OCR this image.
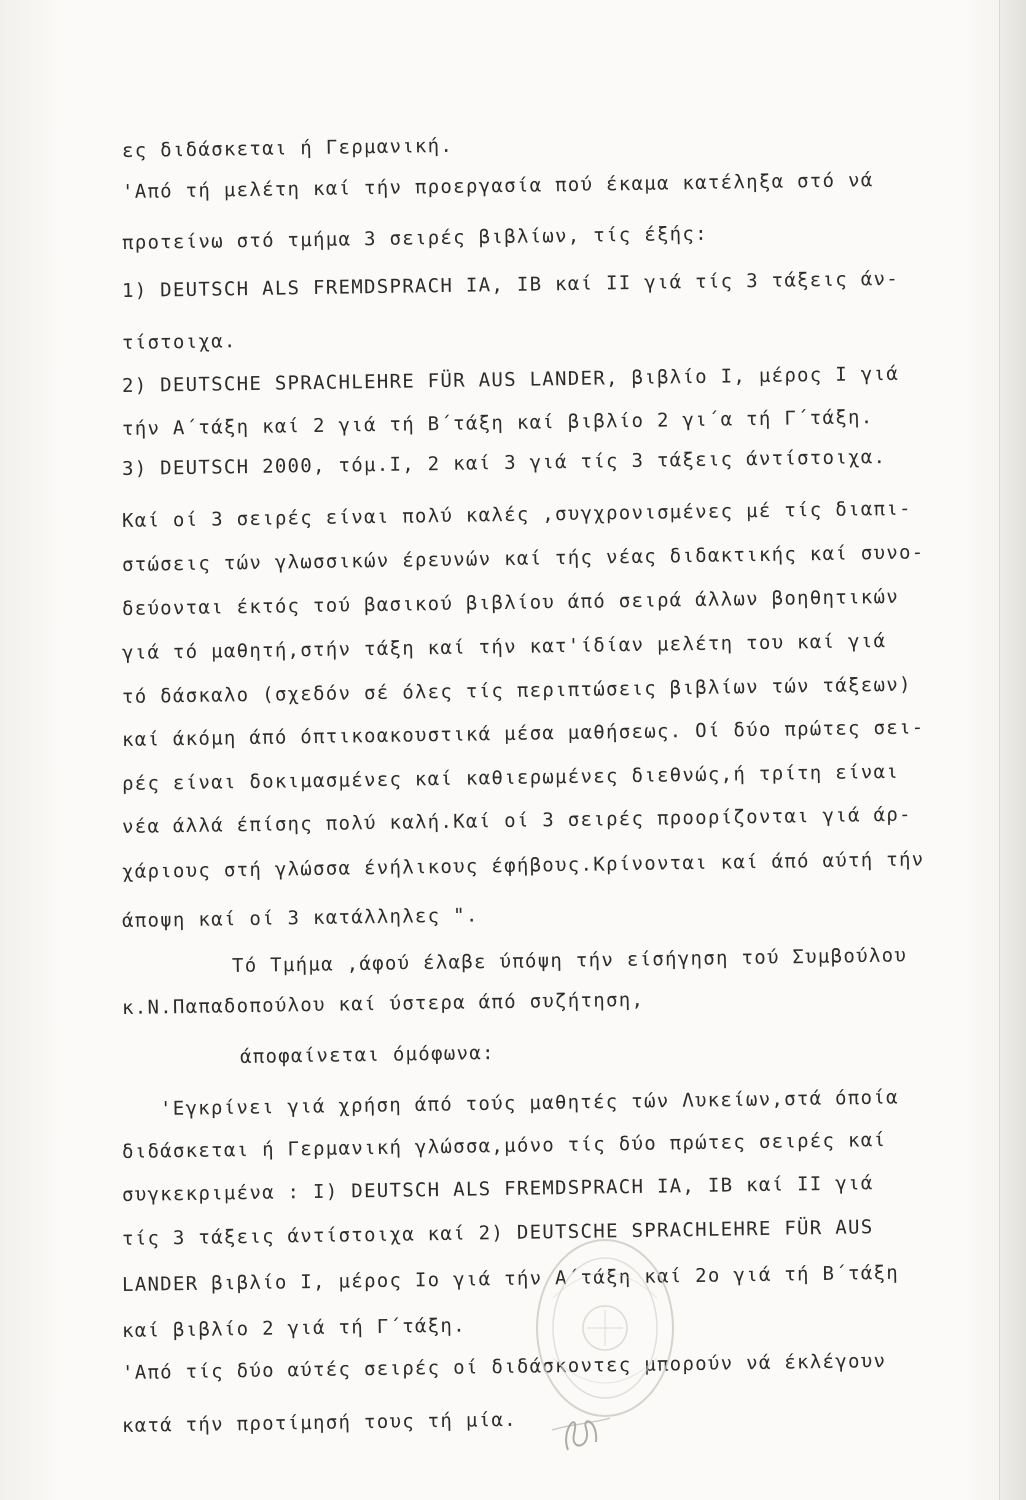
ες διδάσκεται ή Γερμανική.
'Από τή μελέτη καί τήν προεργασία πού έκαμα κατέληξα στό νά
προτείνω στό τμήμα 3 σειρές βιβλίων, τίς έξής:
1) DEUTSCH ALS FREMDSPRACH IA, IB καί II γιά τίς 3 τάξεις άν-
τίστοιχα.
2) DEUTSCHE SPRACHLEHRE FÜR AUS LANDER, βιβλίο I, μέρος I γιά
τήν Α΄τάξη καί 2 γιά τή Β΄τάξη καί βιβλίο 2 γι΄α τή Γ΄τάξη.
3) DEUTSCH 2000, τόμ.I, 2 καί 3 γιά τίς 3 τάξεις άντίστοιχα.
Καί οί 3 σειρές είναι πολύ καλές ,συγχρονισμένες μέ τίς διαπι-
στώσεις τών γλωσσικών έρευνών καί τής νέας διδακτικής καί συνο-
δεύονται έκτός τού βασικού βιβλίου άπό σειρά άλλων βοηθητικών
γιά τό μαθητή,στήν τάξη καί τήν κατ'ίδίαν μελέτη του καί γιά
τό δάσκαλο (σχεδόν σέ όλες τίς περιπτώσεις βιβλίων τών τάξεων)
καί άκόμη άπό όπτικοακουστικά μέσα μαθήσεως. Οί δύο πρώτες σει-
ρές είναι δοκιμασμένες καί καθιερωμένες διεθνώς,ή τρίτη είναι
νέα άλλά έπίσης πολύ καλή.Καί οί 3 σειρές προορίζονται γιά άρ-
χάριους στή γλώσσα ένήλικους έφήβους.Κρίνονται καί άπό αύτή τήν
άποψη καί οί 3 κατάλληλες ".
Τό Τμήμα ,άφού έλαβε ύπόψη τήν είσήγηση τού Συμβούλου
κ.Ν.Παπαδοπούλου καί ύστερα άπό συζήτηση,
άποφαίνεται όμόφωνα:
'Εγκρίνει γιά χρήση άπό τούς μαθητές τών Λυκείων,στά όποία
διδάσκεται ή Γερμανική γλώσσα,μόνο τίς δύο πρώτες σειρές καί
συγκεκριμένα : I) DEUTSCH ALS FREMDSPRACH IA, IB καί II γιά
τίς 3 τάξεις άντίστοιχα καί 2) DEUTSCHE SPRACHLEHRE FÜR AUS
LANDER βιβλίο I, μέρος Ιο γιά τήν Α΄τάξη καί 2ο γιά τή Β΄τάξη
καί βιβλίο 2 γιά τή Γ΄τάξη.
'Από τίς δύο αύτές σειρές οί διδάσκοντες μπορούν νά έκλέγουν
κατά τήν προτίμησή τους τή μία.
